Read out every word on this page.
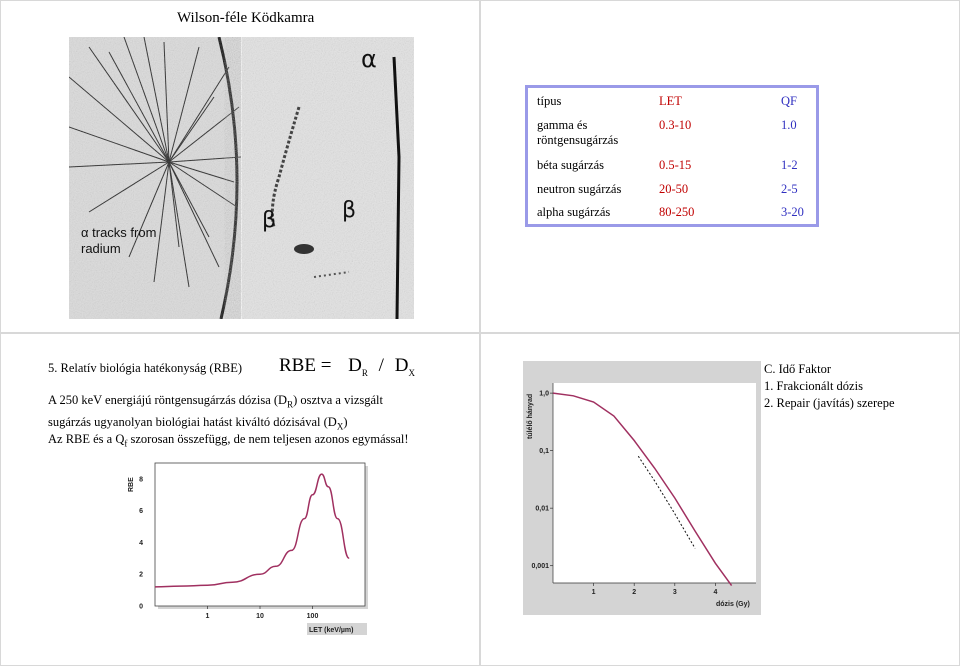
Wilson-féle Ködkamra
α
β	β
α tracks from
radium
típus	LET	QF
gamma és
röntgensugárzás
0.3-10	1.0
béta sugárzás	0.5-15	1-2
neutron sugárzás	20-50	2-5
alpha sugárzás	80-250	3-20
5. Relatív biológia hatékonyság (RBE) RBE = $D_R / D_X$
A 250 keV energiájú röntgensugárzás dózisa $(D_R)$ osztva a vizsgált
sugárzás ugyanolyan biológiai hatást kiváltó dózisával $(D_X)$
Az RBE és a $Q_f$ szorosan összefügg, de nem teljesen azonos egymással!
0
2
4
6
8
1	10	100
RBE
LET (keV/µm)
1,0
0,1
0,01
0,001
1	2	3	4
túlélő hányad
dózis (Gy)
C. Idő Faktor
1. Frakcionált dózis
2. Repair (javítás) szerepe
